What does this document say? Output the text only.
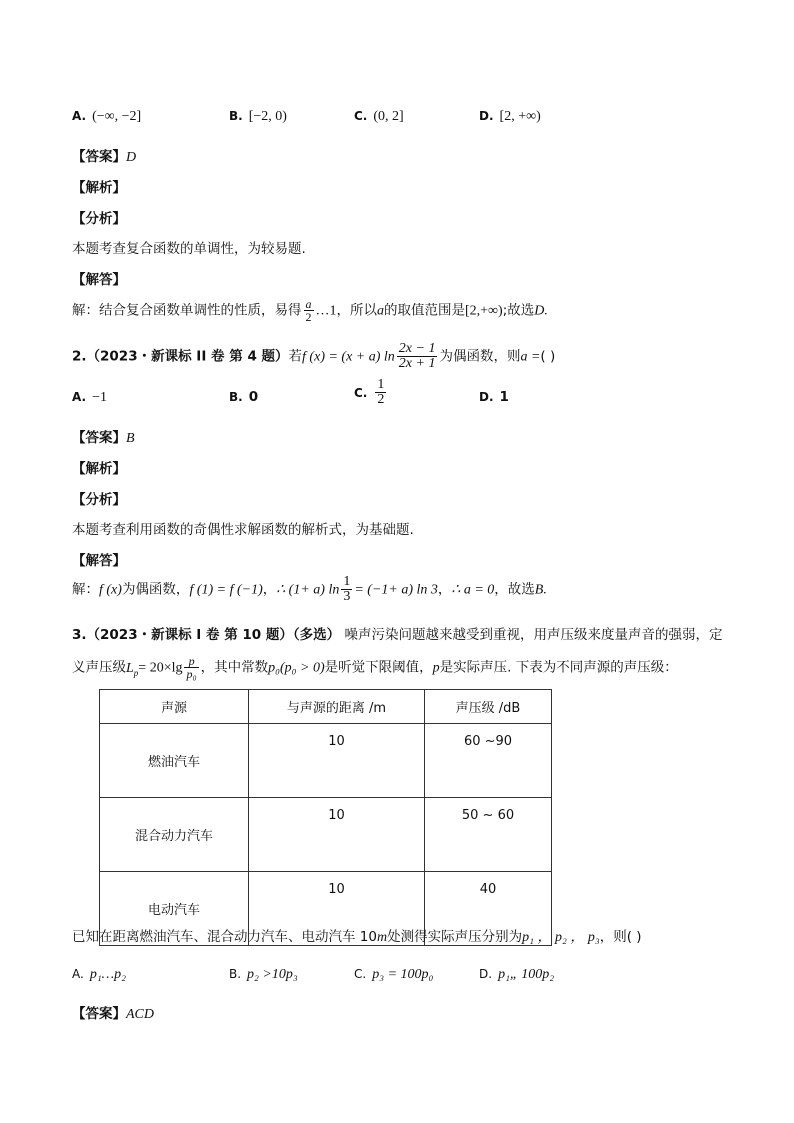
A. (−∞, −2]	B. [−2, 0)	C. (0, 2]	D. [2, +∞)
【答案】D
【解析】
【分析】
本题考查复合函数的单调性，为较易题.
【解答】
解：结合复合函数单调性的性质，易得 $\frac{a}{2}$ …1，所以a的取值范围是[2,+∞);故选D.
2.（2023・新课标 II 卷 第 4 题）若f (x) = (x + a) $\ln \frac{2x - 1}{2x + 1}$ 为偶函数，则a =( )
A. −1	B. 0	C. $\frac{1}{2}$	D. 1
【答案】B
【解析】
【分析】
本题考查利用函数的奇偶性求解函数的解析式，为基础题.
【解答】
解：f (x)为偶函数，f (1) = f (−1)，∴ (1+ a) $\ln \frac{1}{3} = (-1+ a)$ ln 3，∴ a = 0，故选B.
3.（2023・新课标 I 卷 第 10 题）（多选） 噪声污染问题越来越受到重视，用声压级来度量声音的强弱，定
义声压级$L_p= 20\times\lg \frac{p}{\text{p₀}}$ ，其中常数p₀(p₀ > 0)是听觉下限阈值，p是实际声压. 下表为不同声源的声压级：
声源	与声源的距离 /m	声压级 /dB
燃油汽车	10	60 ~90
混合动力汽车	10	50 ~ 60
电动汽车	10	40
已知在距离燃油汽车、混合动力汽车、电动汽车 10m处测得实际声压分别为p₁ ， p₂ ， p₃，则( )
A. p₁…p₂	B. p₂ >10p₃	C. p₃ = 100p₀	D. p₁„ 100p₂
【答案】ACD
